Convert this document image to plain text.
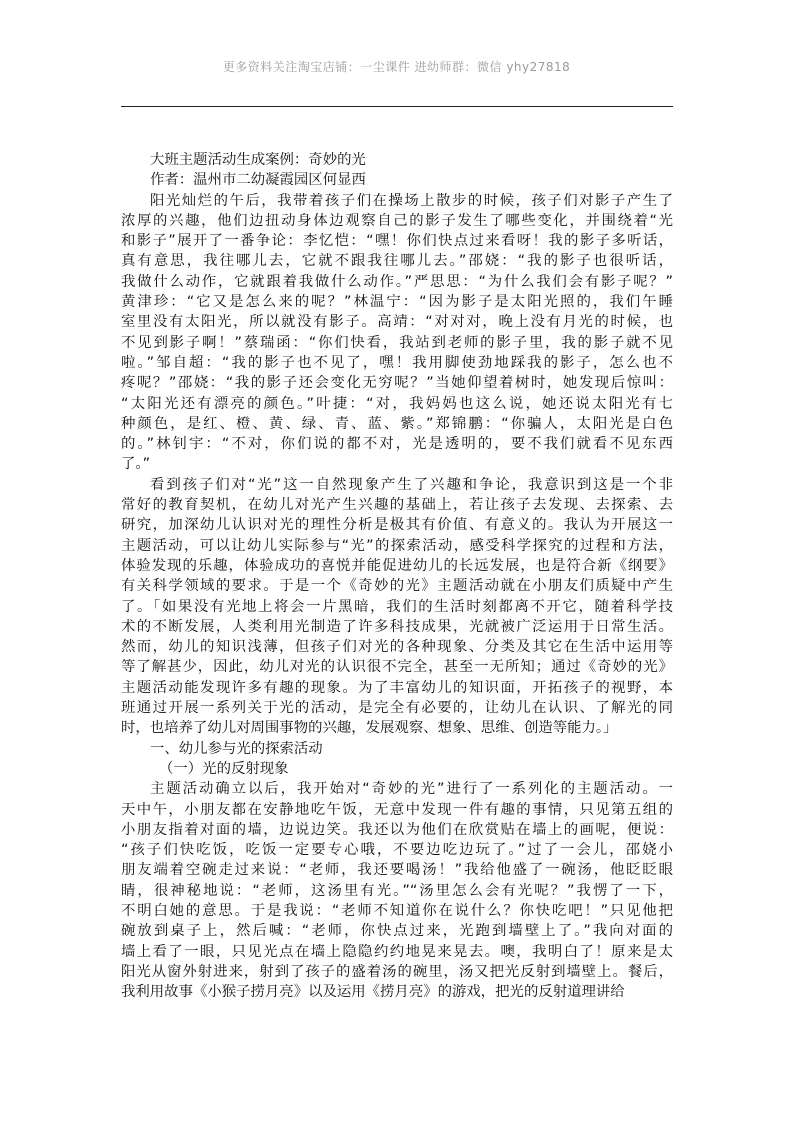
更多资料关注淘宝店铺：一尘课件 进幼师群：微信 yhy27818
大班主题活动生成案例：奇妙的光
作者：温州市二幼凝霞园区何显西
阳光灿烂的午后，我带着孩子们在操场上散步的时候，孩子们对影子产生了
浓厚的兴趣，他们边扭动身体边观察自己的影子发生了哪些变化，并围绕着“光
和影子”展开了一番争论：李忆恺：“嘿！你们快点过来看呀！我的影子多听话，
真有意思，我往哪儿去，它就不跟我往哪儿去。”邵娆：“我的影子也很听话，
我做什么动作，它就跟着我做什么动作。”严思思：“为什么我们会有影子呢？”
黄津珍：“它又是怎么来的呢？”林温宁：“因为影子是太阳光照的，我们午睡
室里没有太阳光，所以就没有影子。高靖：“对对对，晚上没有月光的时候，也
不见到影子啊！”蔡瑞函：“你们快看，我站到老师的影子里，我的影子就不见
啦。”邹自超：“我的影子也不见了，嘿！我用脚使劲地踩我的影子，怎么也不
疼呢？”邵娆：“我的影子还会变化无穷呢？”当她仰望着树时，她发现后惊叫：
“太阳光还有漂亮的颜色。”叶捷：“对，我妈妈也这么说，她还说太阳光有七
种颜色，是红、橙、黄、绿、青、蓝、紫。”郑锦鹏：“你骗人，太阳光是白色
的。”林钊宇：“不对，你们说的都不对，光是透明的，要不我们就看不见东西
了。”
看到孩子们对“光”这一自然现象产生了兴趣和争论，我意识到这是一个非
常好的教育契机，在幼儿对光产生兴趣的基础上，若让孩子去发现、去探索、去
研究，加深幼儿认识对光的理性分析是极其有价值、有意义的。我认为开展这一
主题活动，可以让幼儿实际参与“光”的探索活动，感受科学探究的过程和方法，
体验发现的乐趣，体验成功的喜悦并能促进幼儿的长远发展，也是符合新《纲要》
有关科学领域的要求。于是一个《奇妙的光》主题活动就在小朋友们质疑中产生
了。「如果没有光地上将会一片黑暗，我们的生活时刻都离不开它，随着科学技
术的不断发展，人类利用光制造了许多科技成果，光就被广泛运用于日常生活。
然而，幼儿的知识浅薄，但孩子们对光的各种现象、分类及其它在生活中运用等
等了解甚少，因此，幼儿对光的认识很不完全，甚至一无所知；通过《奇妙的光》
主题活动能发现许多有趣的现象。为了丰富幼儿的知识面，开拓孩子的视野，本
班通过开展一系列关于光的活动，是完全有必要的，让幼儿在认识、了解光的同
时，也培养了幼儿对周围事物的兴趣，发展观察、想象、思维、创造等能力。」
一、幼儿参与光的探索活动
（一）光的反射现象
主题活动确立以后，我开始对“奇妙的光”进行了一系列化的主题活动。一
天中午，小朋友都在安静地吃午饭，无意中发现一件有趣的事情，只见第五组的
小朋友指着对面的墙，边说边笑。我还以为他们在欣赏贴在墙上的画呢，便说：
“孩子们快吃饭，吃饭一定要专心哦，不要边吃边玩了。”过了一会儿，邵娆小
朋友端着空碗走过来说：“老师，我还要喝汤！”我给他盛了一碗汤，他眨眨眼
睛，很神秘地说：“老师，这汤里有光。”“汤里怎么会有光呢？”我愣了一下，
不明白她的意思。于是我说：“老师不知道你在说什么？你快吃吧！”只见他把
碗放到桌子上，然后喊：“老师，你快点过来，光跑到墙壁上了。”我向对面的
墙上看了一眼，只见光点在墙上隐隐约约地晃来晃去。噢，我明白了！原来是太
阳光从窗外射进来，射到了孩子的盛着汤的碗里，汤又把光反射到墙壁上。餐后，
我利用故事《小猴子捞月亮》以及运用《捞月亮》的游戏，把光的反射道理讲给
